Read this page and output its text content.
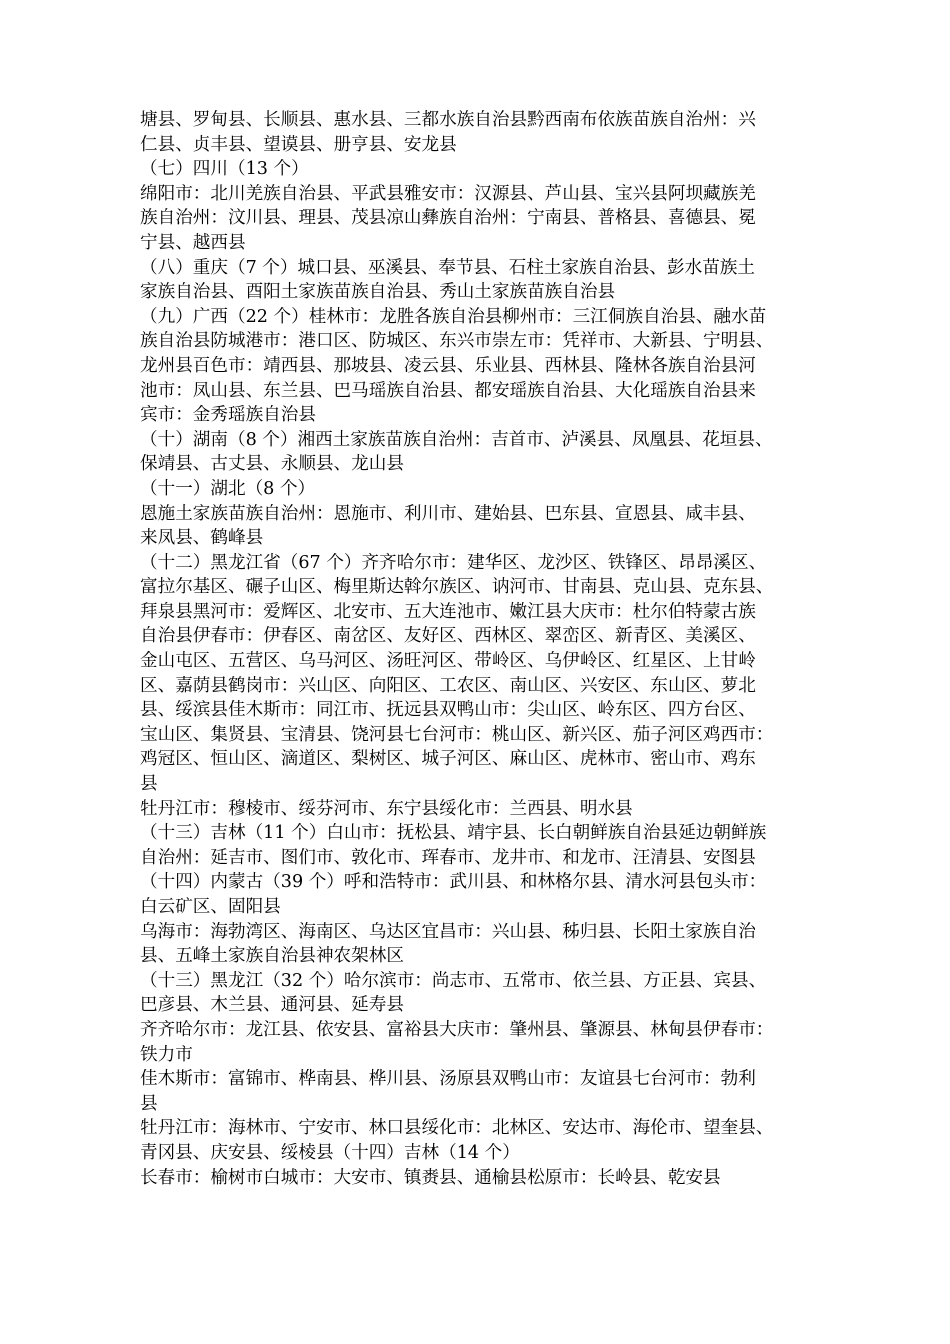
塘县、罗甸县、长顺县、惠水县、三都水族自治县黔西南布依族苗族自治州：兴
仁县、贞丰县、望谟县、册亨县、安龙县
（七）四川（13 个）
绵阳市：北川羌族自治县、平武县雅安市：汉源县、芦山县、宝兴县阿坝藏族羌
族自治州：汶川县、理县、茂县凉山彝族自治州：宁南县、普格县、喜德县、冕
宁县、越西县
（八）重庆（7 个）城口县、巫溪县、奉节县、石柱土家族自治县、彭水苗族土
家族自治县、酉阳土家族苗族自治县、秀山土家族苗族自治县
（九）广西（22 个）桂林市：龙胜各族自治县柳州市：三江侗族自治县、融水苗
族自治县防城港市：港口区、防城区、东兴市崇左市：凭祥市、大新县、宁明县、
龙州县百色市：靖西县、那坡县、凌云县、乐业县、西林县、隆林各族自治县河
池市：凤山县、东兰县、巴马瑶族自治县、都安瑶族自治县、大化瑶族自治县来
宾市：金秀瑶族自治县
（十）湖南（8 个）湘西土家族苗族自治州：吉首市、泸溪县、凤凰县、花垣县、
保靖县、古丈县、永顺县、龙山县
（十一）湖北（8 个）
恩施土家族苗族自治州：恩施市、利川市、建始县、巴东县、宣恩县、咸丰县、
来凤县、鹤峰县
（十二）黑龙江省（67 个）齐齐哈尔市：建华区、龙沙区、铁锋区、昂昂溪区、
富拉尔基区、碾子山区、梅里斯达斡尔族区、讷河市、甘南县、克山县、克东县、
拜泉县黑河市：爱辉区、北安市、五大连池市、嫩江县大庆市：杜尔伯特蒙古族
自治县伊春市：伊春区、南岔区、友好区、西林区、翠峦区、新青区、美溪区、
金山屯区、五营区、乌马河区、汤旺河区、带岭区、乌伊岭区、红星区、上甘岭
区、嘉荫县鹤岗市：兴山区、向阳区、工农区、南山区、兴安区、东山区、萝北
县、绥滨县佳木斯市：同江市、抚远县双鸭山市：尖山区、岭东区、四方台区、
宝山区、集贤县、宝清县、饶河县七台河市：桃山区、新兴区、茄子河区鸡西市：
鸡冠区、恒山区、滴道区、梨树区、城子河区、麻山区、虎林市、密山市、鸡东
县
牡丹江市：穆棱市、绥芬河市、东宁县绥化市：兰西县、明水县
（十三）吉林（11 个）白山市：抚松县、靖宇县、长白朝鲜族自治县延边朝鲜族
自治州：延吉市、图们市、敦化市、珲春市、龙井市、和龙市、汪清县、安图县
（十四）内蒙古（39 个）呼和浩特市：武川县、和林格尔县、清水河县包头市：
白云矿区、固阳县
乌海市：海勃湾区、海南区、乌达区宜昌市：兴山县、秭归县、长阳土家族自治
县、五峰土家族自治县神农架林区
（十三）黑龙江（32 个）哈尔滨市：尚志市、五常市、依兰县、方正县、宾县、
巴彦县、木兰县、通河县、延寿县
齐齐哈尔市：龙江县、依安县、富裕县大庆市：肇州县、肇源县、林甸县伊春市：
铁力市
佳木斯市：富锦市、桦南县、桦川县、汤原县双鸭山市：友谊县七台河市：勃利
县
牡丹江市：海林市、宁安市、林口县绥化市：北林区、安达市、海伦市、望奎县、
青冈县、庆安县、绥棱县（十四）吉林（14 个）
长春市：榆树市白城市：大安市、镇赉县、通榆县松原市：长岭县、乾安县
